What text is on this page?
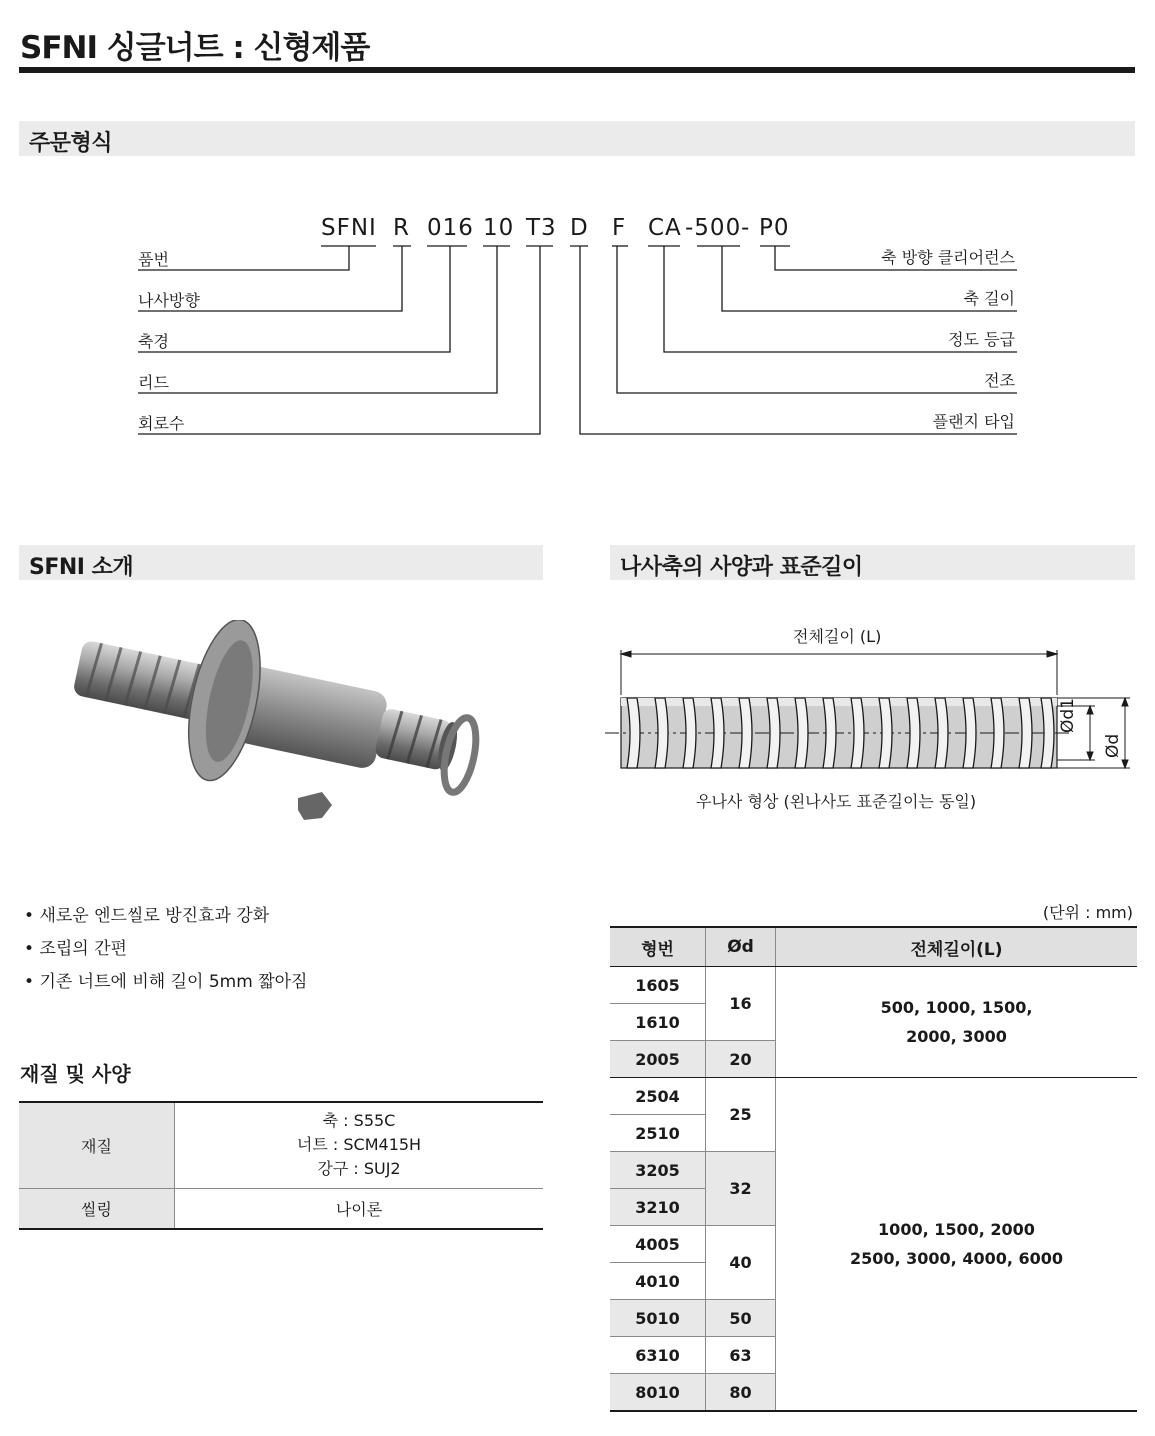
SFNI 싱글너트 : 신형제품
주문형식
SFNI R 016 10 T3 D F CA -500 - P0
품번
나사방향
축경
리드
회로수
축 방향 클리어런스
축 길이
정도 등급
전조
플랜지 타입
SFNI 소개
• 새로운 엔드씰로 방진효과 강화
• 조립의 간편
• 기존 너트에 비해 길이 5mm 짧아짐
재질 및 사양
재질	축 : S55C
너트 : SCM415H
강구 : SUJ2

씰링	나이론
나사축의 사양과 표준길이
전체길이 (L)
Ød1
Ød
우나사 형상 (왼나사도 표준길이는 동일)
(단위 : mm)
형번	Ød	전체길이(L)
1605	16	500, 1000, 1500,
2000, 3000

1610		
2005	20	
2504	25	1000, 1500, 2000
2500, 3000, 4000, 6000

2510		
3205	32	
3210		
4005	40	
4010		
5010	50	
6310	63	
8010	80	
